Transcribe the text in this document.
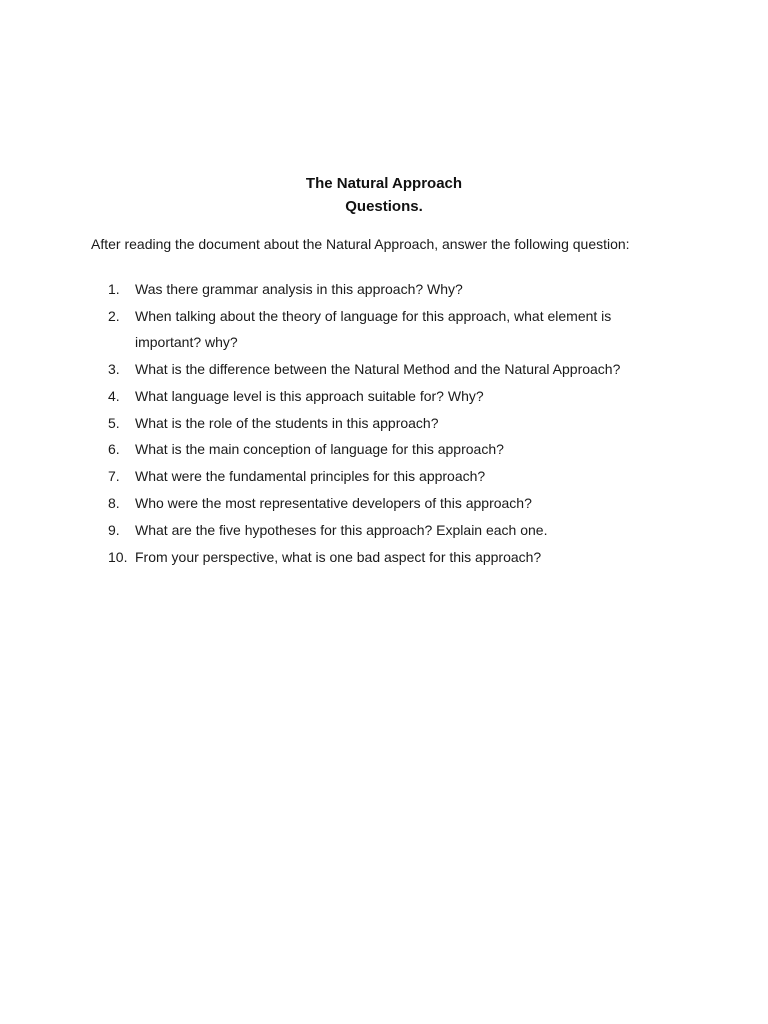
The Natural Approach
Questions.
After reading the document about the Natural Approach, answer the following question:
1.	Was there grammar analysis in this approach? Why?
2.	When talking about the theory of language for this approach, what element is
important? why?
3.	What is the difference between the Natural Method and the Natural Approach?
4.	What language level is this approach suitable for? Why?
5.	What is the role of the students in this approach?
6.	What is the main conception of language for this approach?
7.	What were the fundamental principles for this approach?
8.	Who were the most representative developers of this approach?
9.	What are the five hypotheses for this approach? Explain each one.
10. From your perspective, what is one bad aspect for this approach?
